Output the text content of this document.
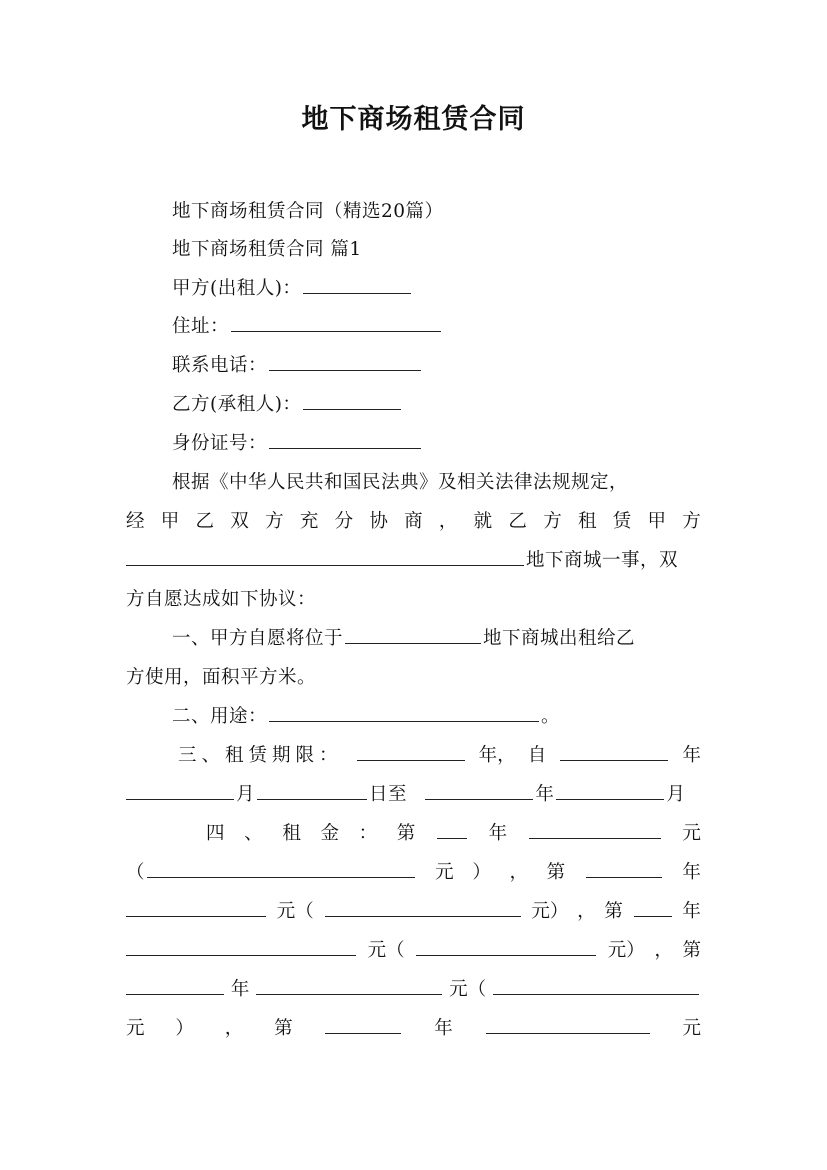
地下商场租赁合同
地下商场租赁合同（精选20篇）
地下商场租赁合同 篇1
甲方(出租人)：
住址：
联系电话：
乙方(承租人)：
身份证号：
根据《中华人民共和国民法典》及相关法律法规规定，
经 甲 乙 双 方 充 分 协 商 ， 就 乙 方 租 赁 甲 方
地下商城一事，双
方自愿达成如下协议：
一、甲方自愿将位于	地下商城出租给乙
方使用，面积平方米。
二、用途：	。
三、租赁期限：	年， 自	年
月	日至	年	月
四 、 租 金 ： 第	年	元
（	元 ） ， 第	年
元（	元） ， 第	年
元（	元） ， 第
年	元（
元 ） ， 第	年	元
